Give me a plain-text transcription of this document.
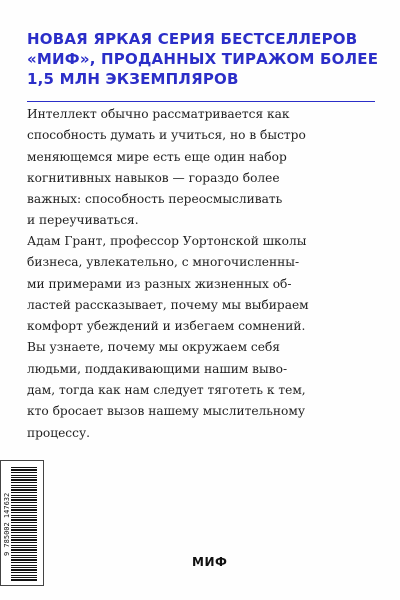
НОВАЯ ЯРКАЯ СЕРИЯ БЕСТСЕЛЛЕРОВ
«МИФ», ПРОДАННЫХ ТИРАЖОМ БОЛЕЕ
1,5 МЛН ЭКЗЕМПЛЯРОВ

Интеллект обычно рассматривается как
способность думать и учиться, но в быстро
меняющемся мире есть еще один набор
когнитивных навыков — гораздо более
важных: способность переосмысливать
и переучиваться.

Адам Грант, профессор Уортонской школы
бизнеса, увлекательно, с многочисленны-
ми примерами из разных жизненных об-
ластей рассказывает, почему мы выбираем
комфорт убеждений и избегаем сомнений.
Вы узнаете, почему мы окружаем себя
людьми, поддакивающими нашим выво-
дам, тогда как нам следует тяготеть к тем,
кто бросает вызов нашему мыслительному
процессу.

9 785002 147632
МИФ
